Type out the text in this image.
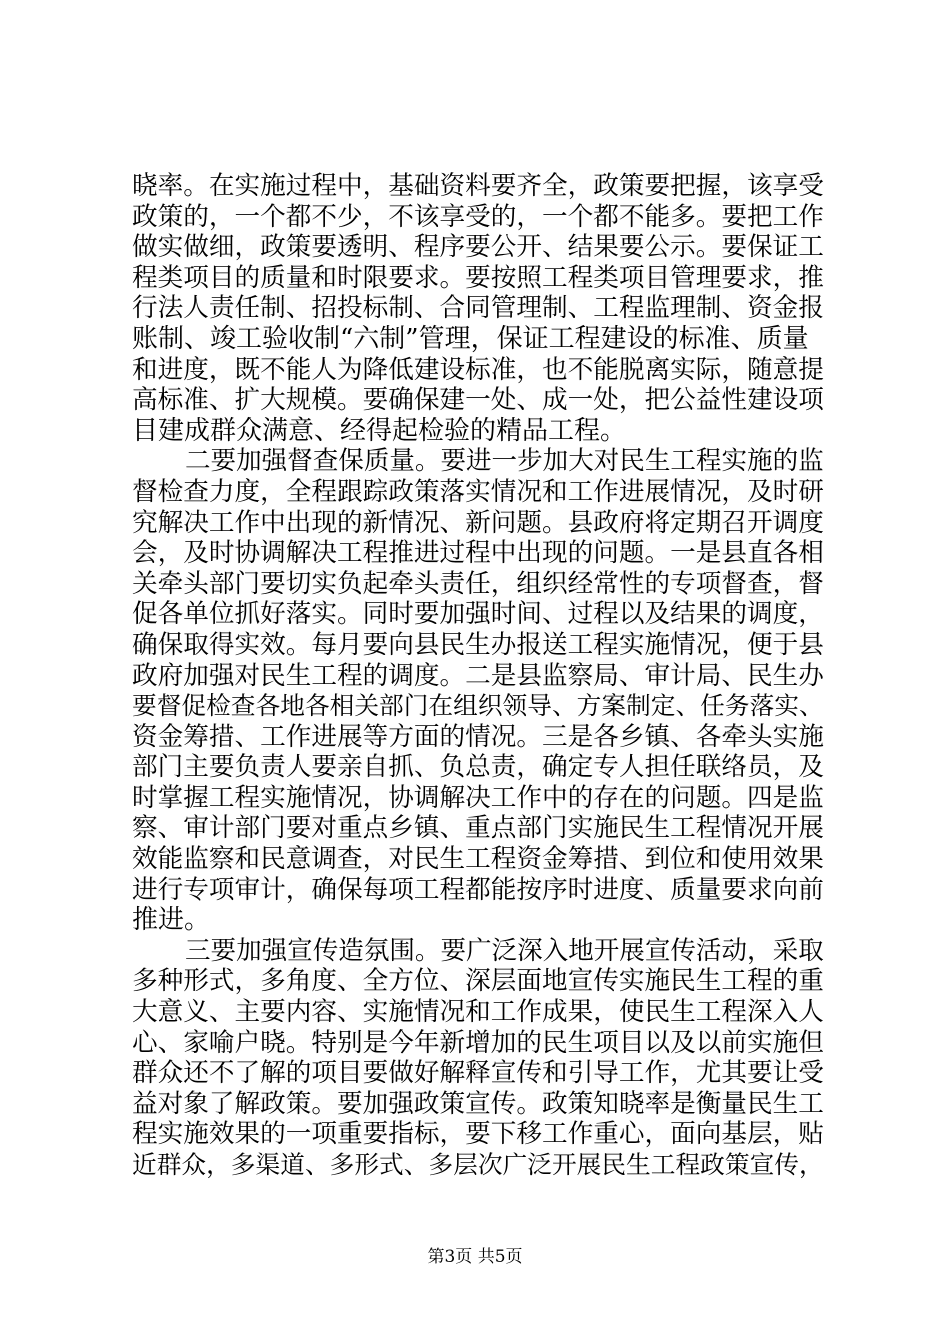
晓率。在实施过程中，基础资料要齐全，政策要把握，该享受
政策的，一个都不少，不该享受的，一个都不能多。要把工作
做实做细，政策要透明、程序要公开、结果要公示。要保证工
程类项目的质量和时限要求。要按照工程类项目管理要求，推
行法人责任制、招投标制、合同管理制、工程监理制、资金报
账制、竣工验收制“六制”管理，保证工程建设的标准、质量
和进度，既不能人为降低建设标准，也不能脱离实际，随意提
高标准、扩大规模。要确保建一处、成一处，把公益性建设项
目建成群众满意、经得起检验的精品工程。
二要加强督查保质量。要进一步加大对民生工程实施的监
督检查力度，全程跟踪政策落实情况和工作进展情况，及时研
究解决工作中出现的新情况、新问题。县政府将定期召开调度
会，及时协调解决工程推进过程中出现的问题。一是县直各相
关牵头部门要切实负起牵头责任，组织经常性的专项督查，督
促各单位抓好落实。同时要加强时间、过程以及结果的调度，
确保取得实效。每月要向县民生办报送工程实施情况，便于县
政府加强对民生工程的调度。二是县监察局、审计局、民生办
要督促检查各地各相关部门在组织领导、方案制定、任务落实、
资金筹措、工作进展等方面的情况。三是各乡镇、各牵头实施
部门主要负责人要亲自抓、负总责，确定专人担任联络员，及
时掌握工程实施情况，协调解决工作中的存在的问题。四是监
察、审计部门要对重点乡镇、重点部门实施民生工程情况开展
效能监察和民意调查，对民生工程资金筹措、到位和使用效果
进行专项审计，确保每项工程都能按序时进度、质量要求向前
推进。
三要加强宣传造氛围。要广泛深入地开展宣传活动，采取
多种形式，多角度、全方位、深层面地宣传实施民生工程的重
大意义、主要内容、实施情况和工作成果，使民生工程深入人
心、家喻户晓。特别是今年新增加的民生项目以及以前实施但
群众还不了解的项目要做好解释宣传和引导工作，尤其要让受
益对象了解政策。要加强政策宣传。政策知晓率是衡量民生工
程实施效果的一项重要指标，要下移工作重心，面向基层，贴
近群众，多渠道、多形式、多层次广泛开展民生工程政策宣传，
第3页 共5页
